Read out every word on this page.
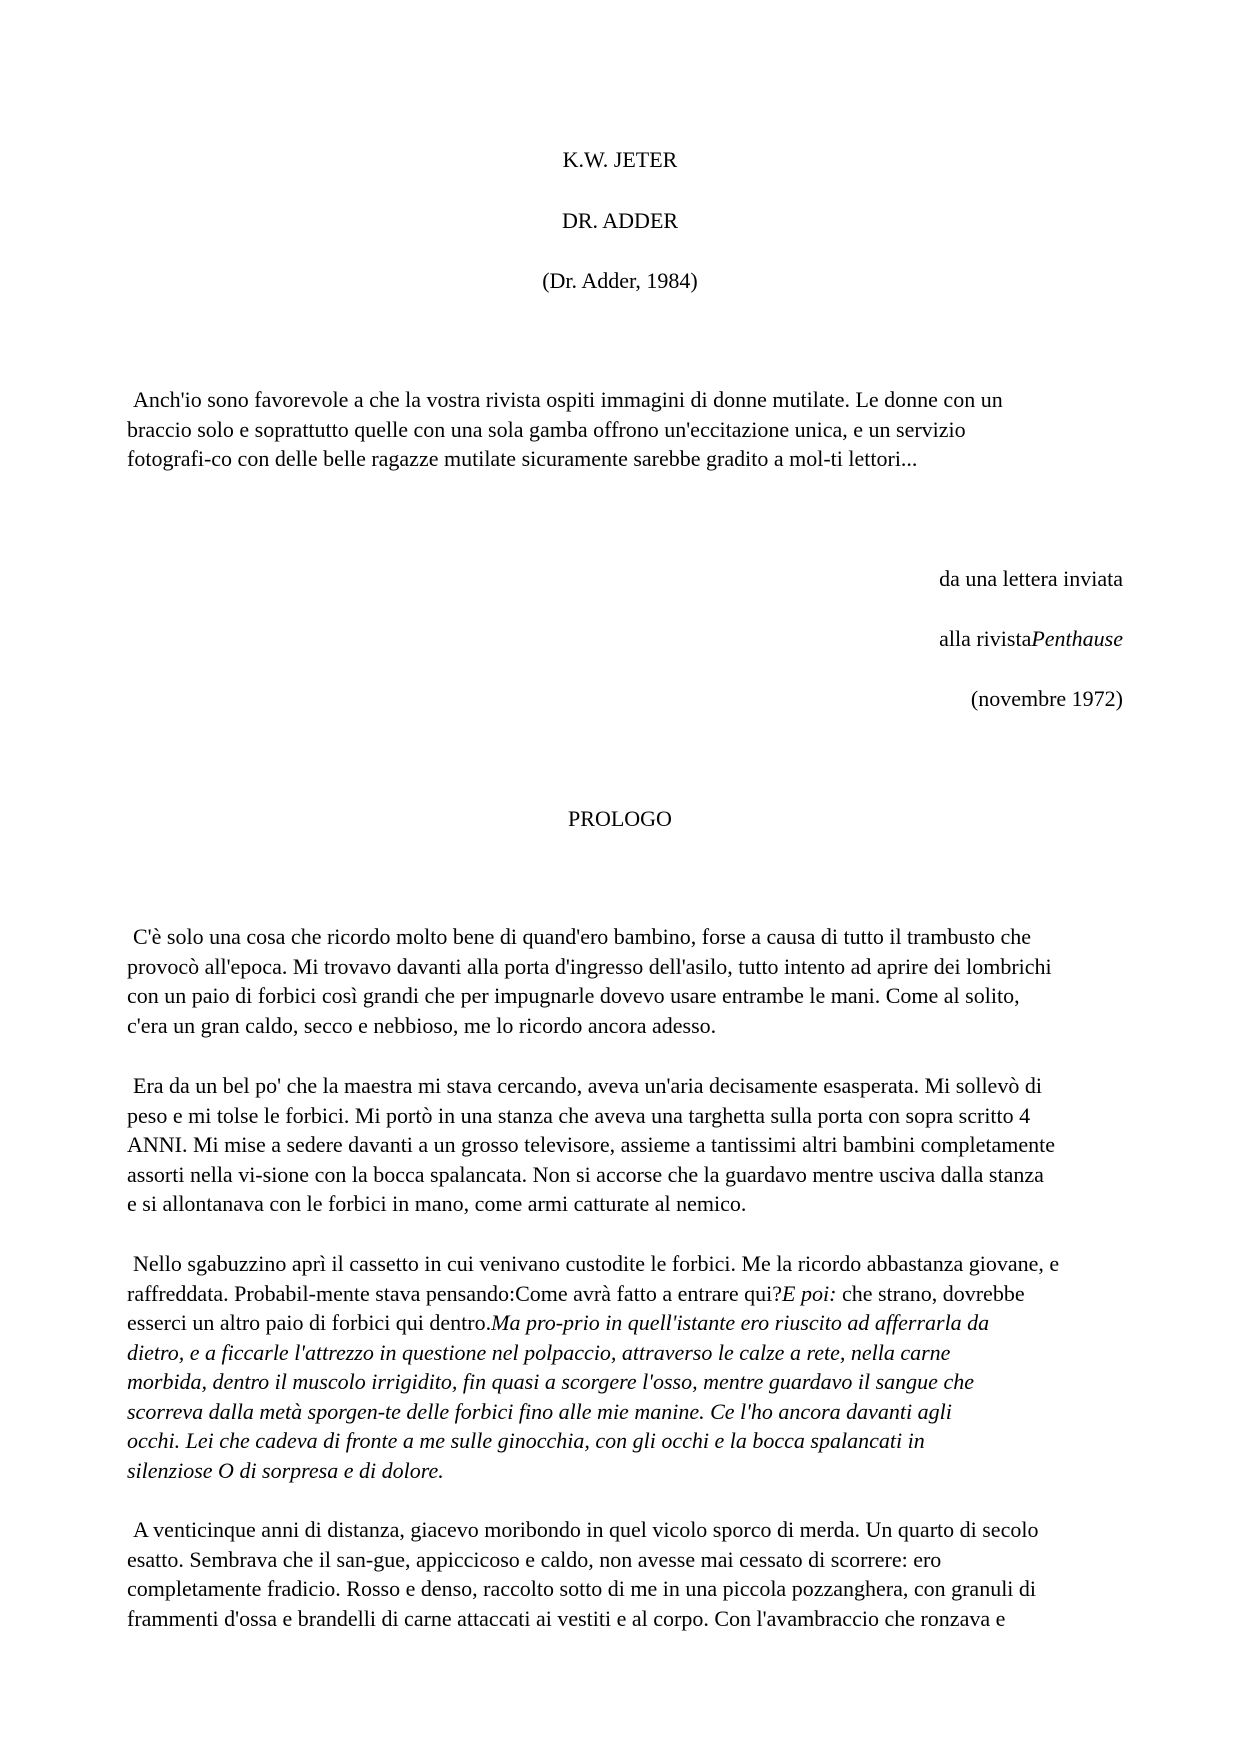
K.W. JETER
DR. ADDER
(Dr. Adder, 1984)
Anch'io sono favorevole a che la vostra rivista ospiti immagini di donne mutilate. Le donne con un
braccio solo e soprattutto quelle con una sola gamba offrono un'eccitazione unica, e un servizio
fotografi-co con delle belle ragazze mutilate sicuramente sarebbe gradito a mol-ti lettori...
da una lettera inviata
alla rivistaPenthause
(novembre 1972)
PROLOGO
C'è solo una cosa che ricordo molto bene di quand'ero bambino, forse a causa di tutto il trambusto che
provocò all'epoca. Mi trovavo davanti alla porta d'ingresso dell'asilo, tutto intento ad aprire dei lombrichi
con un paio di forbici così grandi che per impugnarle dovevo usare entrambe le mani. Come al solito,
c'era un gran caldo, secco e nebbioso, me lo ricordo ancora adesso.
Era da un bel po' che la maestra mi stava cercando, aveva un'aria decisamente esasperata. Mi sollevò di
peso e mi tolse le forbici. Mi portò in una stanza che aveva una targhetta sulla porta con sopra scritto 4
ANNI. Mi mise a sedere davanti a un grosso televisore, assieme a tantissimi altri bambini completamente
assorti nella vi-sione con la bocca spalancata. Non si accorse che la guardavo mentre usciva dalla stanza
e si allontanava con le forbici in mano, come armi catturate al nemico.
Nello sgabuzzino aprì il cassetto in cui venivano custodite le forbici. Me la ricordo abbastanza giovane, e
raffreddata. Probabil-mente stava pensando:Come avrà fatto a entrare qui?E poi: che strano, dovrebbe
esserci un altro paio di forbici qui dentro.Ma pro-prio in quell'istante ero riuscito ad afferrarla da
dietro, e a ficcarle l'attrezzo in questione nel polpaccio, attraverso le calze a rete, nella carne
morbida, dentro il muscolo irrigidito, fin quasi a scorgere l'osso, mentre guardavo il sangue che
scorreva dalla metà sporgen-te delle forbici fino alle mie manine. Ce l'ho ancora davanti agli
occhi. Lei che cadeva di fronte a me sulle ginocchia, con gli occhi e la bocca spalancati in
silenziose O di sorpresa e di dolore.
A venticinque anni di distanza, giacevo moribondo in quel vicolo sporco di merda. Un quarto di secolo
esatto. Sembrava che il san-gue, appiccicoso e caldo, non avesse mai cessato di scorrere: ero
completamente fradicio. Rosso e denso, raccolto sotto di me in una piccola pozzanghera, con granuli di
frammenti d'ossa e brandelli di carne attaccati ai vestiti e al corpo. Con l'avambraccio che ronzava e
